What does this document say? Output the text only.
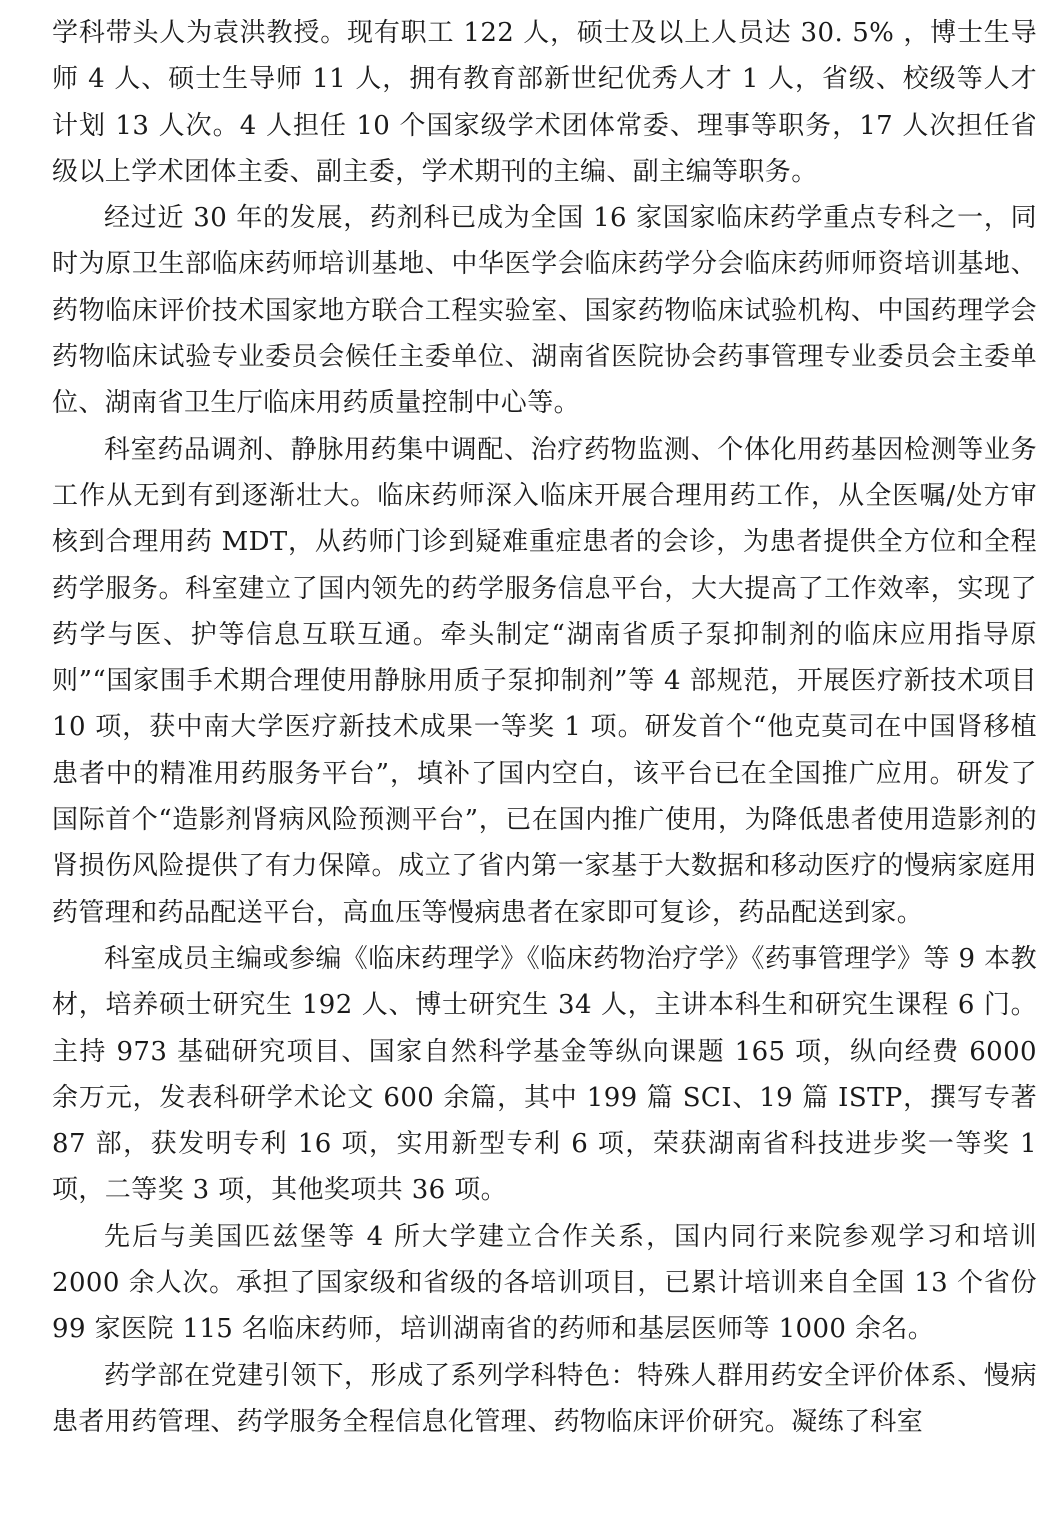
学科带头人为袁洪教授。现有职工 122 人，硕士及以上人员达 30. 5% ，博士生导师 4 人、硕士生导师 11 人，拥有教育部新世纪优秀人才 1 人，省级、校级等人才计划 13 人次。4 人担任 10 个国家级学术团体常委、理事等职务，17 人次担任省级以上学术团体主委、副主委，学术期刊的主编、副主编等职务。

经过近 30 年的发展，药剂科已成为全国 16 家国家临床药学重点专科之一，同时为原卫生部临床药师培训基地、中华医学会临床药学分会临床药师师资培训基地、药物临床评价技术国家地方联合工程实验室、国家药物临床试验机构、中国药理学会药物临床试验专业委员会候任主委单位、湖南省医院协会药事管理专业委员会主委单位、湖南省卫生厅临床用药质量控制中心等。

科室药品调剂、静脉用药集中调配、治疗药物监测、个体化用药基因检测等业务工作从无到有到逐渐壮大。临床药师深入临床开展合理用药工作，从全医嘱/处方审核到合理用药 MDT，从药师门诊到疑难重症患者的会诊，为患者提供全方位和全程药学服务。科室建立了国内领先的药学服务信息平台，大大提高了工作效率，实现了药学与医、护等信息互联互通。牵头制定“湖南省质子泵抑制剂的临床应用指导原则”“国家围手术期合理使用静脉用质子泵抑制剂”等 4 部规范，开展医疗新技术项目 10 项，获中南大学医疗新技术成果一等奖 1 项。研发首个“他克莫司在中国肾移植患者中的精准用药服务平台”，填补了国内空白，该平台已在全国推广应用。研发了国际首个“造影剂肾病风险预测平台”，已在国内推广使用，为降低患者使用造影剂的肾损伤风险提供了有力保障。成立了省内第一家基于大数据和移动医疗的慢病家庭用药管理和药品配送平台，高血压等慢病患者在家即可复诊，药品配送到家。

科室成员主编或参编《临床药理学》《临床药物治疗学》《药事管理学》等 9 本教材，培养硕士研究生 192 人、博士研究生 34 人，主讲本科生和研究生课程 6 门。主持 973 基础研究项目、国家自然科学基金等纵向课题 165 项，纵向经费 6000 余万元，发表科研学术论文 600 余篇，其中 199 篇 SCI、19 篇 ISTP，撰写专著 87 部，获发明专利 16 项，实用新型专利 6 项，荣获湖南省科技进步奖一等奖 1 项，二等奖 3 项，其他奖项共 36 项。

先后与美国匹兹堡等 4 所大学建立合作关系，国内同行来院参观学习和培训 2000 余人次。承担了国家级和省级的各培训项目，已累计培训来自全国 13 个省份 99 家医院 115 名临床药师，培训湖南省的药师和基层医师等 1000 余名。

药学部在党建引领下，形成了系列学科特色：特殊人群用药安全评价体系、慢病患者用药管理、药学服务全程信息化管理、药物临床评价研究。凝练了科室
